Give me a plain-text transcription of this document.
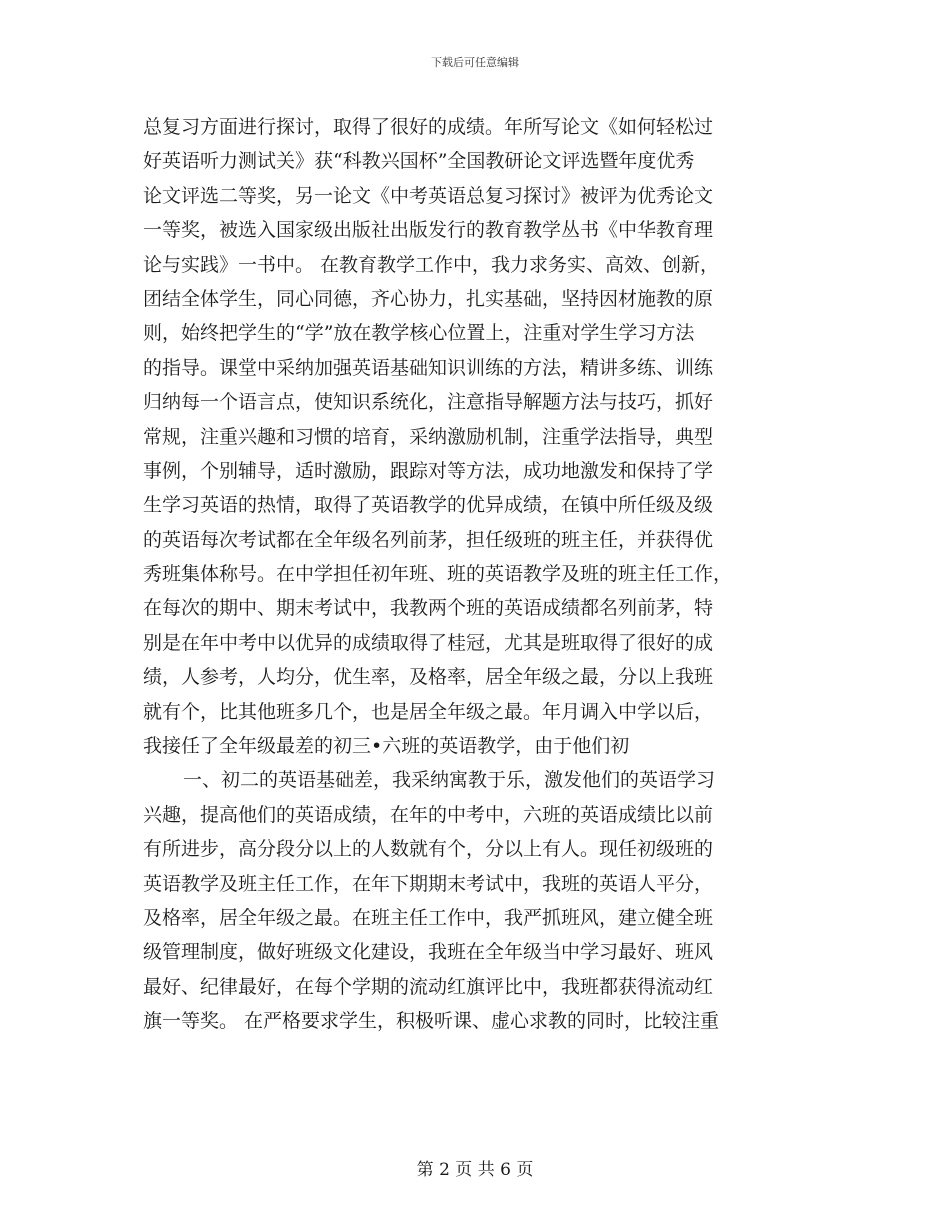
下载后可任意编辑
总复习方面进行探讨，取得了很好的成绩。年所写论文《如何轻松过
好英语听力测试关》获“科教兴国杯”全国教研论文评选暨年度优秀
论文评选二等奖，另一论文《中考英语总复习探讨》被评为优秀论文
一等奖，被选入国家级出版社出版发行的教育教学丛书《中华教育理
论与实践》一书中。 在教育教学工作中，我力求务实、高效、创新，
团结全体学生，同心同德，齐心协力，扎实基础，坚持因材施教的原
则，始终把学生的“学”放在教学核心位置上，注重对学生学习方法
的指导。课堂中采纳加强英语基础知识训练的方法，精讲多练、训练
归纳每一个语言点，使知识系统化，注意指导解题方法与技巧，抓好
常规，注重兴趣和习惯的培育，采纳激励机制，注重学法指导，典型
事例，个别辅导，适时激励，跟踪对等方法，成功地激发和保持了学
生学习英语的热情，取得了英语教学的优异成绩，在镇中所任级及级
的英语每次考试都在全年级名列前茅，担任级班的班主任，并获得优
秀班集体称号。在中学担任初年班、班的英语教学及班的班主任工作，
在每次的期中、期末考试中，我教两个班的英语成绩都名列前茅，特
别是在年中考中以优异的成绩取得了桂冠，尤其是班取得了很好的成
绩，人参考，人均分，优生率，及格率，居全年级之最，分以上我班
就有个，比其他班多几个，也是居全年级之最。年月调入中学以后，
我接任了全年级最差的初三•六班的英语教学，由于他们初
一、初二的英语基础差，我采纳寓教于乐，激发他们的英语学习
兴趣，提高他们的英语成绩，在年的中考中，六班的英语成绩比以前
有所进步，高分段分以上的人数就有个，分以上有人。现任初级班的
英语教学及班主任工作，在年下期期末考试中，我班的英语人平分，
及格率，居全年级之最。在班主任工作中，我严抓班风，建立健全班
级管理制度，做好班级文化建设，我班在全年级当中学习最好、班风
最好、纪律最好，在每个学期的流动红旗评比中，我班都获得流动红
旗一等奖。 在严格要求学生，积极听课、虚心求教的同时，比较注重
第 2 页 共 6 页
